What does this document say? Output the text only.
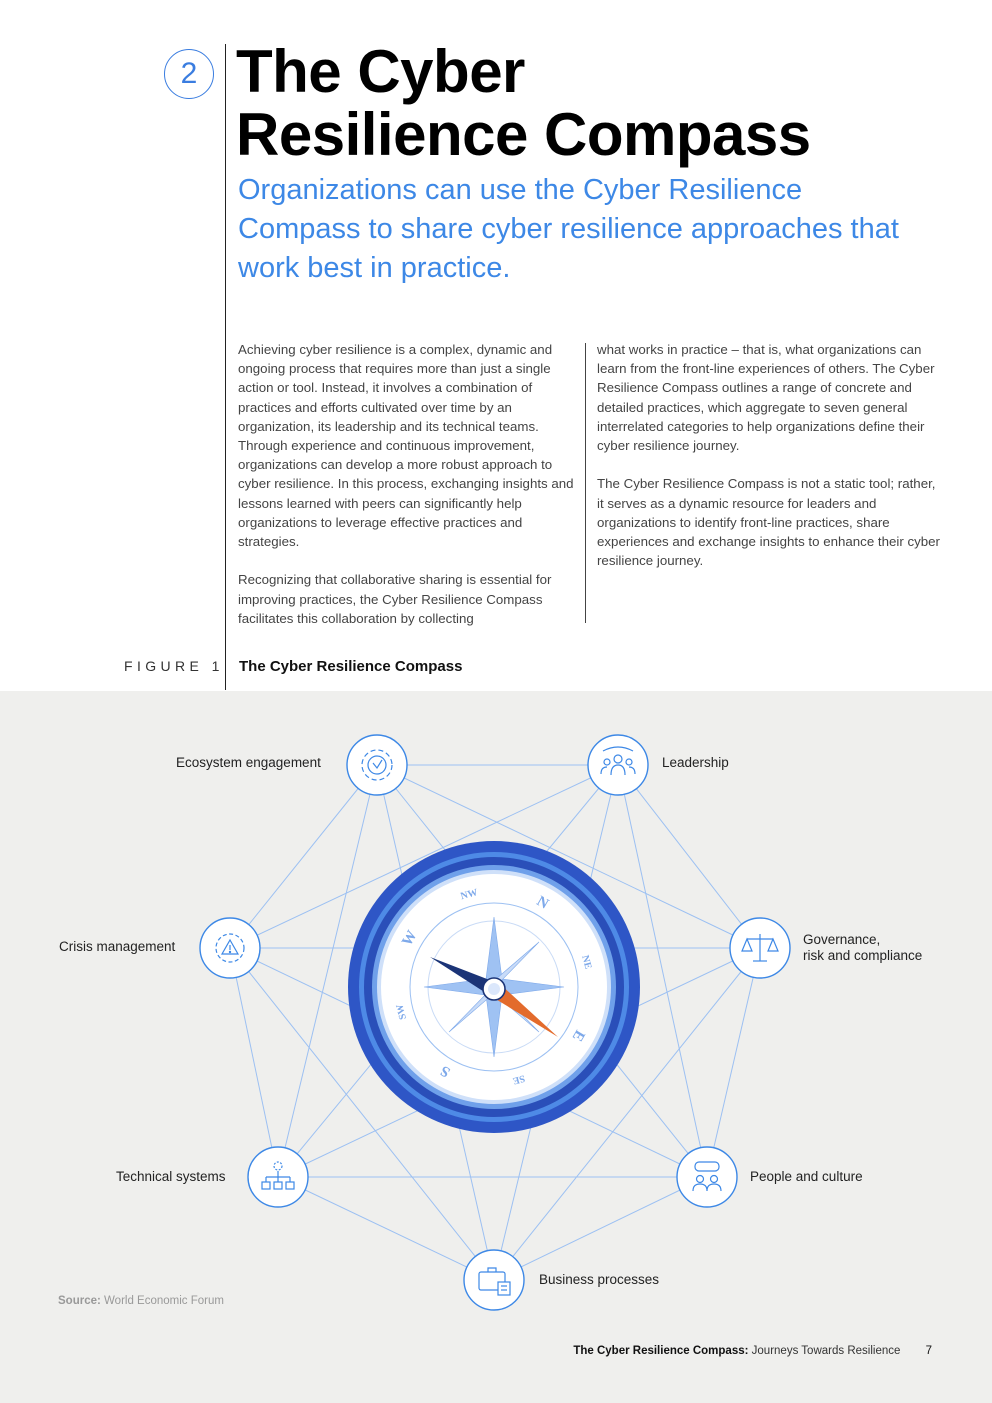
2 The Cyber
Resilience Compass
Organizations can use the Cyber Resilience Compass to share cyber resilience approaches that work best in practice.

Achieving cyber resilience is a complex, dynamic and ongoing process that requires more than just a single action or tool. Instead, it involves a combination of practices and efforts cultivated over time by an organization, its leadership and its technical teams. Through experience and continuous improvement, organizations can develop a more robust approach to cyber resilience. In this process, exchanging insights and lessons learned with peers can significantly help organizations to leverage effective practices and strategies.

Recognizing that collaborative sharing is essential for improving practices, the Cyber Resilience Compass facilitates this collaboration by collecting

what works in practice – that is, what organizations can learn from the front-line experiences of others. The Cyber Resilience Compass outlines a range of concrete and detailed practices, which aggregate to seven general interrelated categories to help organizations define their cyber resilience journey.

The Cyber Resilience Compass is not a static tool; rather, it serves as a dynamic resource for leaders and organizations to identify front-line practices, share experiences and exchange insights to enhance their cyber resilience journey.

FIGURE 1 The Cyber Resilience Compass
N
NE
E
SE
S
SW
W
NW
Ecosystem engagement	Leadership
Crisis management	Governance,
risk and compliance
Technical systems	People and culture
Business processes
Source: World Economic Forum
The Cyber Resilience Compass: Journeys Towards Resilience 7
